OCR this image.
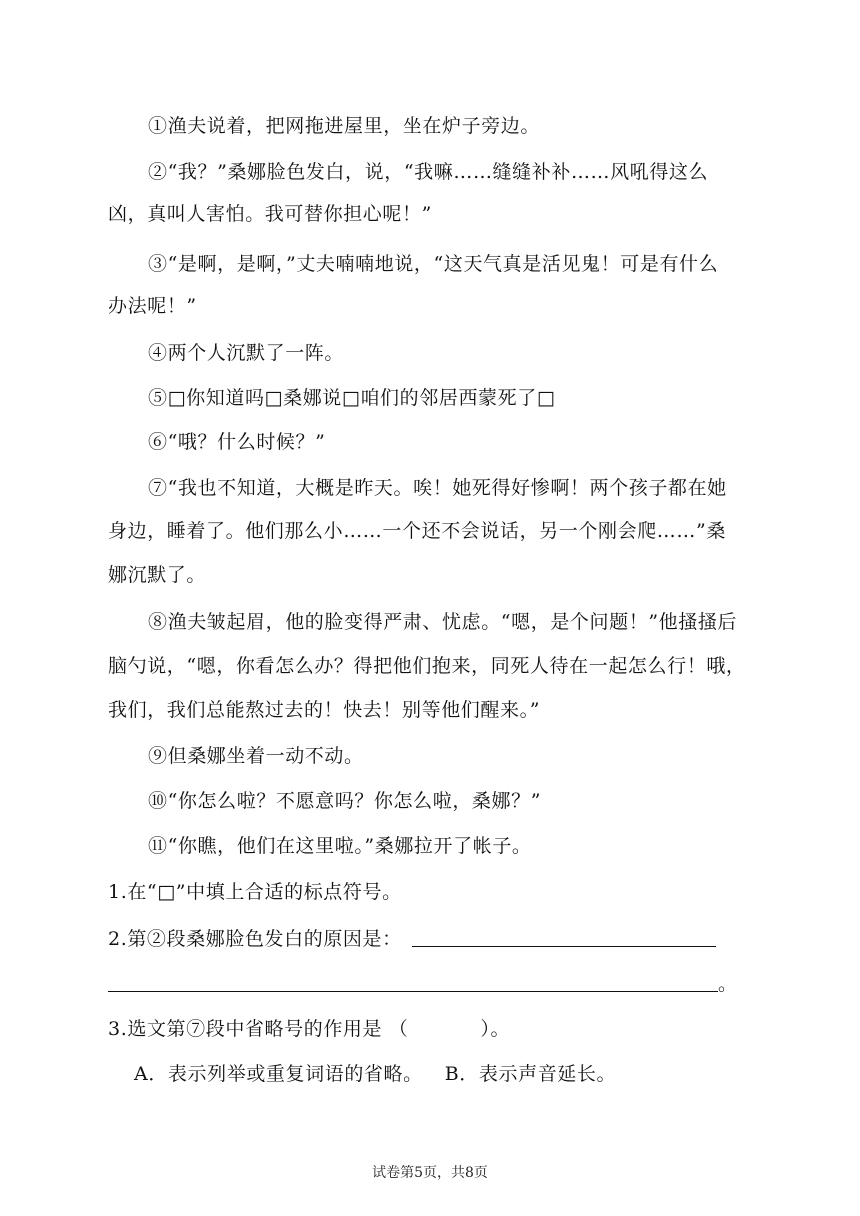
①渔夫说着，把网拖进屋里，坐在炉子旁边。
②“我？”桑娜脸色发白，说，“我嘛……缝缝补补……风吼得这么
凶，真叫人害怕。我可替你担心呢！”
③“是啊，是啊，”丈夫喃喃地说，“这天气真是活见鬼！可是有什么
办法呢！”
④两个人沉默了一阵。
⑤□你知道吗□桑娜说□咱们的邻居西蒙死了□
⑥“哦？什么时候？”
⑦“我也不知道，大概是昨天。唉！她死得好惨啊！两个孩子都在她
身边，睡着了。他们那么小……一个还不会说话，另一个刚会爬……”桑
娜沉默了。
⑧渔夫皱起眉，他的脸变得严肃、忧虑。“嗯，是个问题！”他搔搔后
脑勺说，“嗯，你看怎么办？得把他们抱来，同死人待在一起怎么行！哦，
我们，我们总能熬过去的！快去！别等他们醒来。”
⑨但桑娜坐着一动不动。
⑩“你怎么啦？不愿意吗？你怎么啦，桑娜？”
⑪“你瞧，他们在这里啦。”桑娜拉开了帐子。
1.在“□”中填上合适的标点符号。
2.第②段桑娜脸色发白的原因是：
。
3.选文第⑦段中省略号的作用是 （	）。
A．表示列举或重复词语的省略。 B．表示声音延长。
试卷第5页，共8页
